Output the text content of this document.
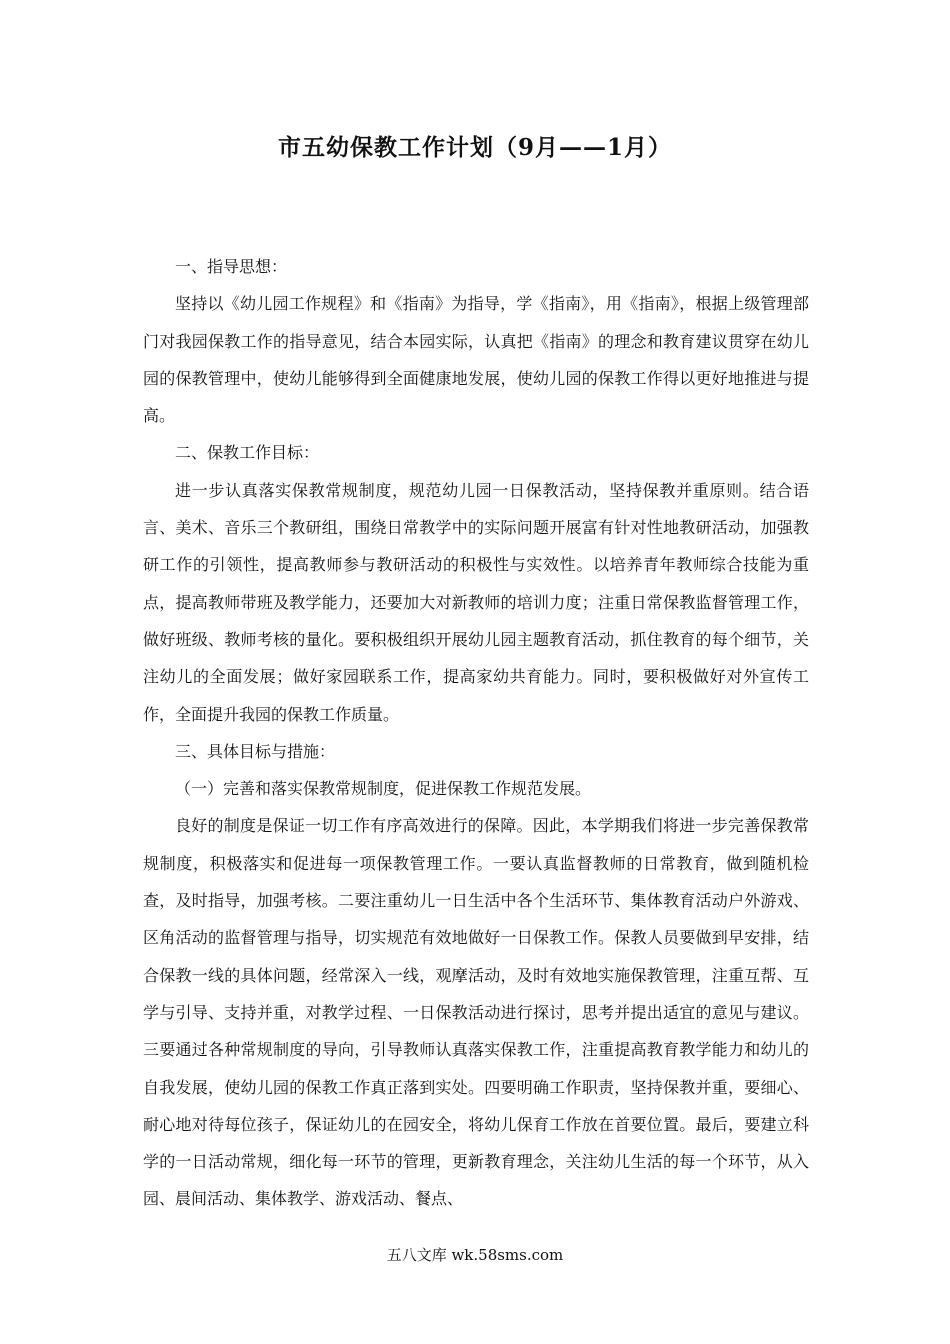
市五幼保教工作计划（9月——1月）

一、指导思想：

坚持以《幼儿园工作规程》和《指南》为指导，学《指南》，用《指南》，根据上级管理部门对我园保教工作的指导意见，结合本园实际，认真把《指南》的理念和教育建议贯穿在幼儿园的保教管理中，使幼儿能够得到全面健康地发展，使幼儿园的保教工作得以更好地推进与提高。

二、保教工作目标：

进一步认真落实保教常规制度，规范幼儿园一日保教活动，坚持保教并重原则。结合语言、美术、音乐三个教研组，围绕日常教学中的实际问题开展富有针对性地教研活动，加强教研工作的引领性，提高教师参与教研活动的积极性与实效性。以培养青年教师综合技能为重点，提高教师带班及教学能力，还要加大对新教师的培训力度；注重日常保教监督管理工作，做好班级、教师考核的量化。要积极组织开展幼儿园主题教育活动，抓住教育的每个细节，关注幼儿的全面发展；做好家园联系工作，提高家幼共育能力。同时，要积极做好对外宣传工作，全面提升我园的保教工作质量。

三、具体目标与措施：

（一）完善和落实保教常规制度，促进保教工作规范发展。

良好的制度是保证一切工作有序高效进行的保障。因此，本学期我们将进一步完善保教常规制度，积极落实和促进每一项保教管理工作。一要认真监督教师的日常教育，做到随机检查，及时指导，加强考核。二要注重幼儿一日生活中各个生活环节、集体教育活动户外游戏、区角活动的监督管理与指导，切实规范有效地做好一日保教工作。保教人员要做到早安排，结合保教一线的具体问题，经常深入一线，观摩活动，及时有效地实施保教管理，注重互帮、互学与引导、支持并重，对教学过程、一日保教活动进行探讨，思考并提出适宜的意见与建议。三要通过各种常规制度的导向，引导教师认真落实保教工作，注重提高教育教学能力和幼儿的自我发展，使幼儿园的保教工作真正落到实处。四要明确工作职责，坚持保教并重，要细心、耐心地对待每位孩子，保证幼儿的在园安全，将幼儿保育工作放在首要位置。最后，要建立科学的一日活动常规，细化每一环节的管理，更新教育理念，关注幼儿生活的每一个环节，从入园、晨间活动、集体教学、游戏活动、餐点、

五八文库 wk.58sms.com
